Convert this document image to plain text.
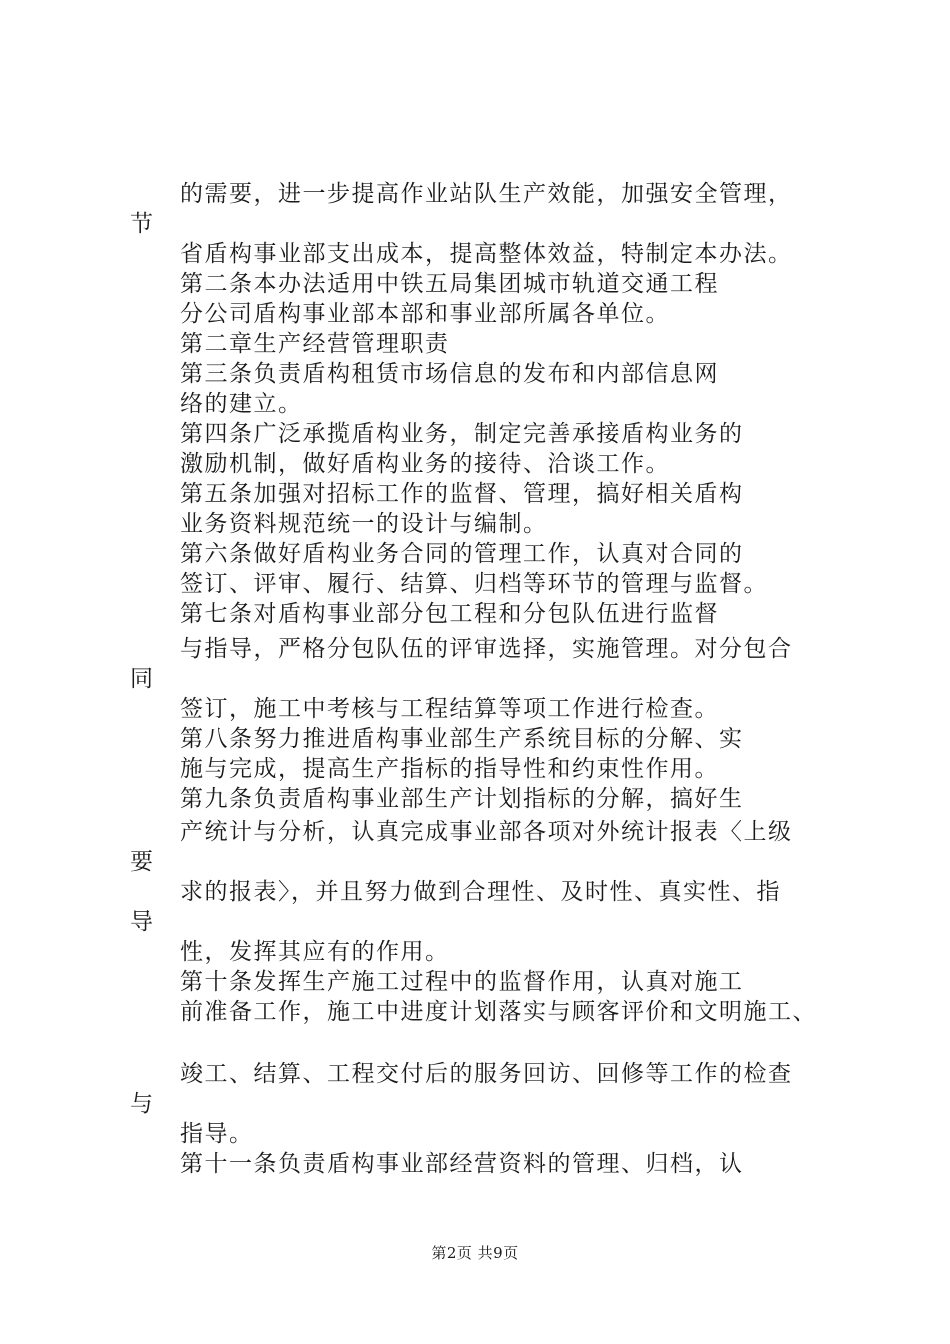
的需要，进一步提高作业站队生产效能，加强安全管理，
节
省盾构事业部支出成本，提高整体效益，特制定本办法。
第二条本办法适用中铁五局集团城市轨道交通工程
分公司盾构事业部本部和事业部所属各单位。
第二章生产经营管理职责
第三条负责盾构租赁市场信息的发布和内部信息网
络的建立。
第四条广泛承揽盾构业务，制定完善承接盾构业务的
激励机制，做好盾构业务的接待、洽谈工作。
第五条加强对招标工作的监督、管理，搞好相关盾构
业务资料规范统一的设计与编制。
第六条做好盾构业务合同的管理工作，认真对合同的
签订、评审、履行、结算、归档等环节的管理与监督。
第七条对盾构事业部分包工程和分包队伍进行监督
与指导，严格分包队伍的评审选择，实施管理。对分包合
同
签订，施工中考核与工程结算等项工作进行检查。
第八条努力推进盾构事业部生产系统目标的分解、实
施与完成，提高生产指标的指导性和约束性作用。
第九条负责盾构事业部生产计划指标的分解，搞好生
产统计与分析，认真完成事业部各项对外统计报表〈上级
要
求的报表〉，并且努力做到合理性、及时性、真实性、指
导
性，发挥其应有的作用。
第十条发挥生产施工过程中的监督作用，认真对施工
前准备工作，施工中进度计划落实与顾客评价和文明施工、
竣工、结算、工程交付后的服务回访、回修等工作的检查
与
指导。
第十一条负责盾构事业部经营资料的管理、归档，认
第2页 共9页
